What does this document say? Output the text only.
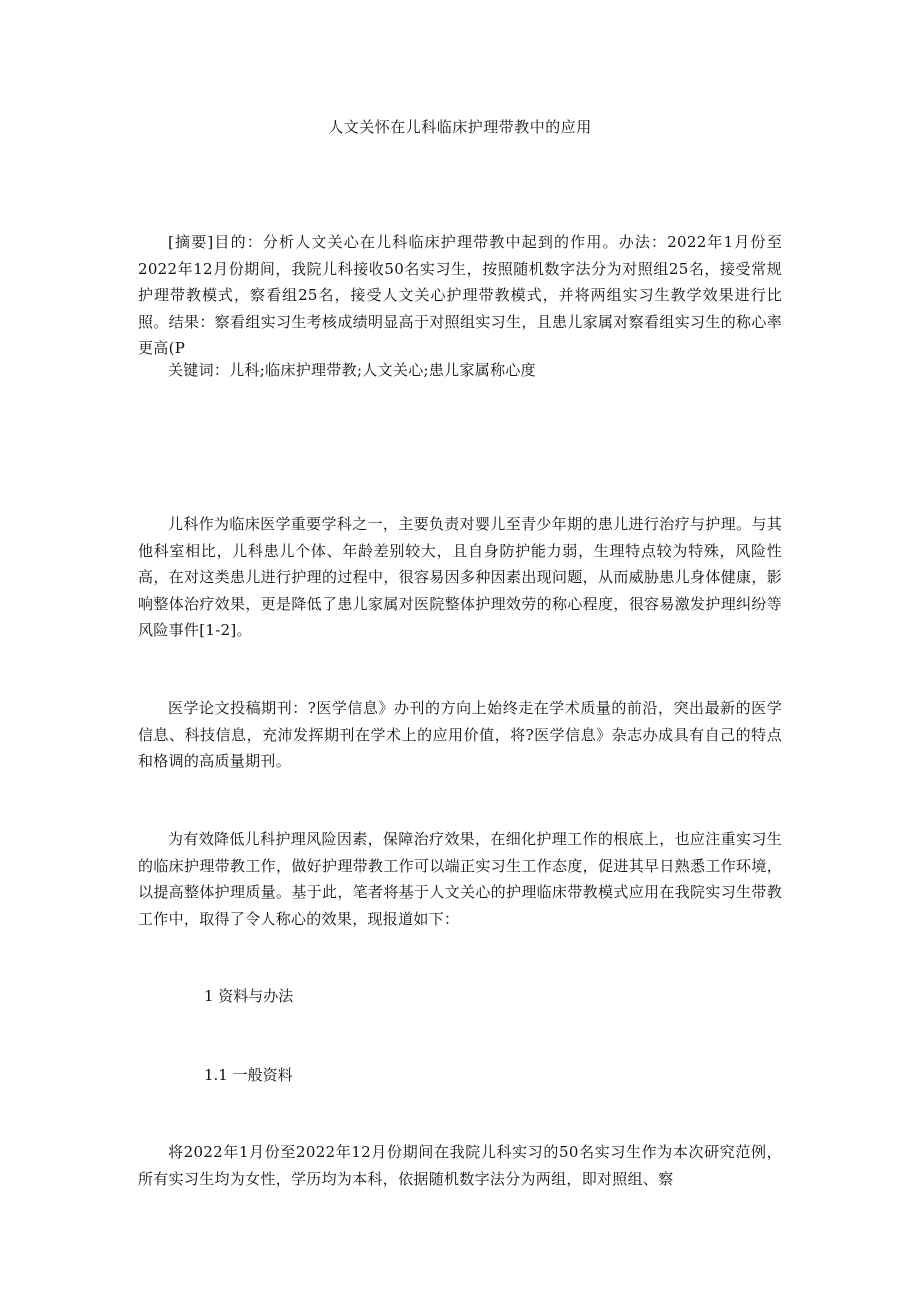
人文关怀在儿科临床护理带教中的应用

[摘要]目的：分析人文关心在儿科临床护理带教中起到的作用。办法：2022年1月份至2022年12月份期间，我院儿科接收50名实习生，按照随机数字法分为对照组25名，接受常规护理带教模式，察看组25名，接受人文关心护理带教模式，并将两组实习生教学效果进行比照。结果：察看组实习生考核成绩明显高于对照组实习生，且患儿家属对察看组实习生的称心率更高(P

关键词：儿科;临床护理带教;人文关心;患儿家属称心度

儿科作为临床医学重要学科之一，主要负责对婴儿至青少年期的患儿进行治疗与护理。与其他科室相比，儿科患儿个体、年龄差别较大，且自身防护能力弱，生理特点较为特殊，风险性高，在对这类患儿进行护理的过程中，很容易因多种因素出现问题，从而威胁患儿身体健康，影响整体治疗效果，更是降低了患儿家属对医院整体护理效劳的称心程度，很容易激发护理纠纷等风险事件[1-2]。

医学论文投稿期刊：?医学信息》办刊的方向上始终走在学术质量的前沿，突出最新的医学信息、科技信息，充沛发挥期刊在学术上的应用价值，将?医学信息》杂志办成具有自己的特点和格调的高质量期刊。

为有效降低儿科护理风险因素，保障治疗效果，在细化护理工作的根底上，也应注重实习生的临床护理带教工作，做好护理带教工作可以端正实习生工作态度，促进其早日熟悉工作环境，以提高整体护理质量。基于此，笔者将基于人文关心的护理临床带教模式应用在我院实习生带教工作中，取得了令人称心的效果，现报道如下：

1 资料与办法

1.1 一般资料

将2022年1月份至2022年12月份期间在我院儿科实习的50名实习生作为本次研究范例，所有实习生均为女性，学历均为本科，依据随机数字法分为两组，即对照组、察
